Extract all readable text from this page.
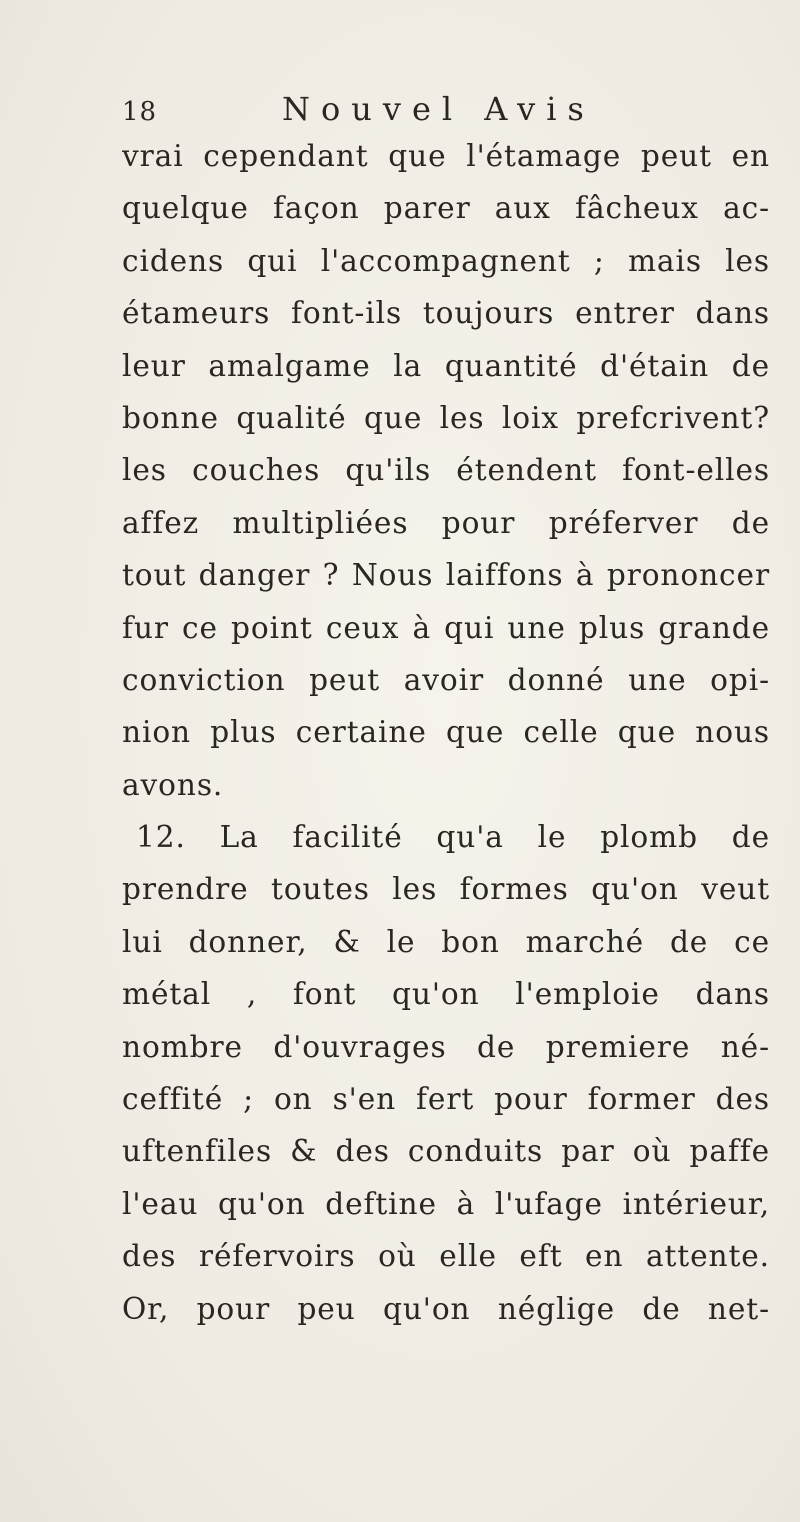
18	Nouvel Avis
vrai cependant que l'étamage peut en
quelque façon parer aux fâcheux ac-
cidens qui l'accompagnent ; mais les
étameurs font-ils toujours entrer dans
leur amalgame la quantité d'étain de
bonne qualité que les loix prefcrivent?
les couches qu'ils étendent font-elles
affez multipliées pour préferver de
tout danger ? Nous laiffons à prononcer
fur ce point ceux à qui une plus grande
conviction peut avoir donné une opi-
nion plus certaine que celle que nous
avons.
12. La facilité qu'a le plomb de
prendre toutes les formes qu'on veut
lui donner, & le bon marché de ce
métal , font qu'on l'emploie dans
nombre d'ouvrages de premiere né-
ceffité ; on s'en fert pour former des
uftenfiles & des conduits par où paffe
l'eau qu'on deftine à l'ufage intérieur,
des réfervoirs où elle eft en attente.
Or, pour peu qu'on néglige de net-
